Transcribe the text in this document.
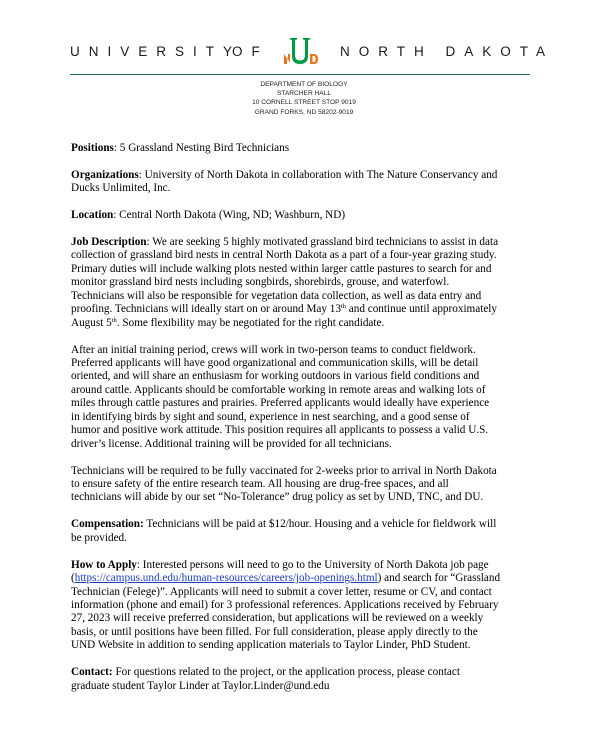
UNIVERSITY
OF
UND
NORTH DAKOTA
DEPARTMENT OF BIOLOGY
STARCHER HALL
10 CORNELL STREET STOP 9019
GRAND FORKS, ND 58202-9019
Positions: 5 Grassland Nesting Bird Technicians
Organizations: University of North Dakota in collaboration with The Nature Conservancy and
Ducks Unlimited, Inc.
Location: Central North Dakota (Wing, ND; Washburn, ND)
Job Description: We are seeking 5 highly motivated grassland bird technicians to assist in data
collection of grassland bird nests in central North Dakota as a part of a four-year grazing study.
Primary duties will include walking plots nested within larger cattle pastures to search for and
monitor grassland bird nests including songbirds, shorebirds, grouse, and waterfowl.
Technicians will also be responsible for vegetation data collection, as well as data entry and
proofing. Technicians will ideally start on or around May 13th and continue until approximately
August 5th. Some flexibility may be negotiated for the right candidate.
After an initial training period, crews will work in two-person teams to conduct fieldwork.
Preferred applicants will have good organizational and communication skills, will be detail
oriented, and will share an enthusiasm for working outdoors in various field conditions and
around cattle. Applicants should be comfortable working in remote areas and walking lots of
miles through cattle pastures and prairies. Preferred applicants would ideally have experience
in identifying birds by sight and sound, experience in nest searching, and a good sense of
humor and positive work attitude. This position requires all applicants to possess a valid U.S.
driver’s license. Additional training will be provided for all technicians.
Technicians will be required to be fully vaccinated for 2-weeks prior to arrival in North Dakota
to ensure safety of the entire research team. All housing are drug-free spaces, and all
technicians will abide by our set “No-Tolerance” drug policy as set by UND, TNC, and DU.
Compensation: Technicians will be paid at $12/hour. Housing and a vehicle for fieldwork will
be provided.
How to Apply: Interested persons will need to go to the University of North Dakota job page
(https://campus.und.edu/human-resources/careers/job-openings.html) and search for “Grassland
Technician (Felege)”. Applicants will need to submit a cover letter, resume or CV, and contact
information (phone and email) for 3 professional references. Applications received by February
27, 2023 will receive preferred consideration, but applications will be reviewed on a weekly
basis, or until positions have been filled. For full consideration, please apply directly to the
UND Website in addition to sending application materials to Taylor Linder, PhD Student.
Contact: For questions related to the project, or the application process, please contact
graduate student Taylor Linder at Taylor.Linder@und.edu
